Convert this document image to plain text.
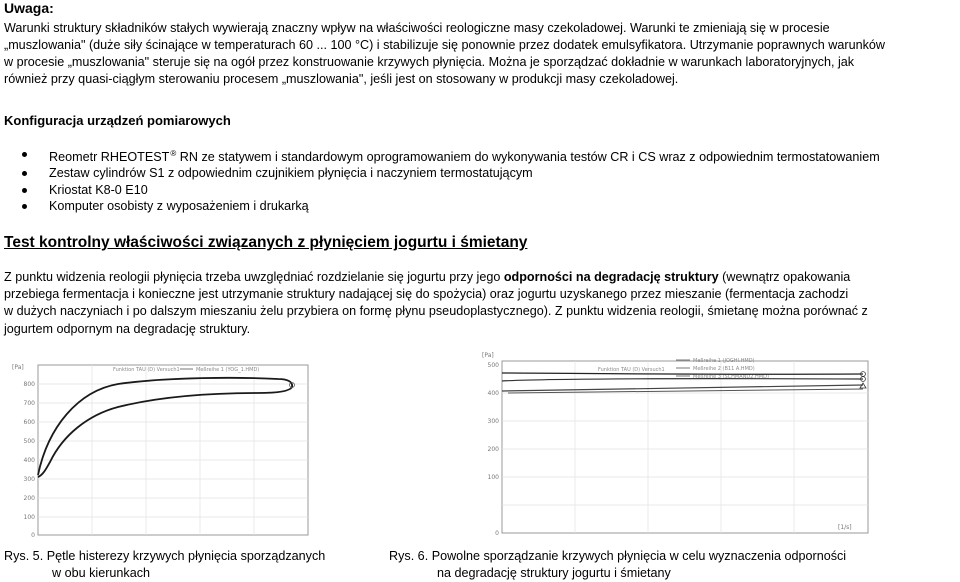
Uwaga:
Warunki struktury składników stałych wywierają znaczny wpływ na właściwości reologiczne masy czekoladowej. Warunki te zmieniają się w procesie
„muszlowania" (duże siły ścinające w temperaturach 60 ... 100 °C) i stabilizuje się ponownie przez dodatek emulsyfikatora. Utrzymanie poprawnych warunków
w procesie „muszlowania" steruje się na ogół przez konstruowanie krzywych płynięcia. Można je sporządzać dokładnie w warunkach laboratoryjnych, jak
również przy quasi-ciągłym sterowaniu procesem „muszlowania", jeśli jest on stosowany w produkcji masy czekoladowej.
Konfiguracja urządzeń pomiarowych
Reometr RHEOTEST® RN ze statywem i standardowym oprogramowaniem do wykonywania testów CR i CS wraz z odpowiednim termostatowaniem
Zestaw cylindrów S1 z odpowiednim czujnikiem płynięcia i naczyniem termostatującym
Kriostat K8-0 E10
Komputer osobisty z wyposażeniem i drukarką
Test kontrolny właściwości związanych z płynięciem jogurtu i śmietany
Z punktu widzenia reologii płynięcia trzeba uwzględniać rozdzielanie się jogurtu przy jego odporności na degradację struktury (wewnątrz opakowania
przebiega fermentacja i konieczne jest utrzymanie struktury nadającej się do spożycia) oraz jogurtu uzyskanego przez mieszanie (fermentacja zachodzi
w dużych naczyniach i po dalszym mieszaniu żelu przybiera on formę płynu pseudoplastycznego). Z punktu widzenia reologii, śmietanę można porównać z
jogurtem odpornym na degradację struktury.
[Pa]
800
700
600
500
400
300
200
100
0
Funktion TAU (D) Versuch1	Meßreihe 1 (YOG_1.HMD)
[Pa]
500
400
300
200
100
0
[1/s]
Funktion TAU (D) Versuch1
Meßreihe 1 (JOGHI.HMD)
Meßreihe 2 (B11 A.HMD)
Meßreihe 3 (SCHMAND2.HMD)
Rys. 5. Pętle histerezy krzywych płynięcia sporządzanych
w obu kierunkach
Rys. 6. Powolne sporządzanie krzywych płynięcia w celu wyznaczenia odporności
na degradację struktury jogurtu i śmietany
